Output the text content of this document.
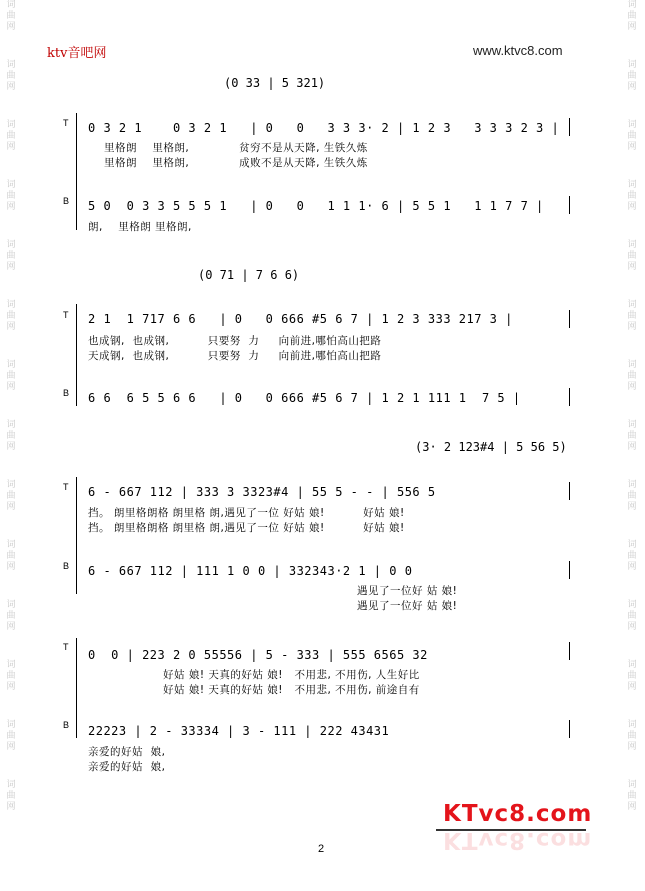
词
曲
网
词
曲
网
词
曲
网
词
曲
网
词
曲
网
词
曲
网
词
曲
网
词
曲
网
词
曲
网
词
曲
网
词
曲
网
词
曲
网
词
曲
网
词
曲
网
词
曲
网
词
曲
网
词
曲
网
词
曲
网
词
曲
网
词
曲
网
词
曲
网
词
曲
网
词
曲
网
词
曲
网
词
曲
网
词
曲
网
词
曲
网
词
曲
网
ktv音吧网	www.ktvc8.com
(0 33 | 5 321)
T 0 3 2 1    0 3 2 1   | 0   0   3 3 3· 2 | 1 2 3   3 3 3 2 3 |
里格朗    里格朗,             贫穷不是从天降, 生铁久炼
里格朗    里格朗,             成败不是从天降, 生铁久炼
B 5 0  0 3 3 5 5 5 1   | 0   0   1 1 1· 6 | 5 5 1   1 1 7 7 |
朗,    里格朗 里格朗,
(0 71 | 7 6 6)
T 2 1  1 717 6 6   | 0   0 666 #5 6 7 | 1 2 3 333 217 3 |
也成钢,  也成钢,          只要努  力     向前进,哪怕高山把路
天成钢,  也成钢,          只要努  力     向前进,哪怕高山把路
B 6 6  6 5 5 6 6   | 0   0 666 #5 6 7 | 1 2 1 111 1  7 5 |
(3· 2 123#4 | 5 56 5)
T 6 - 667 112 | 333 3 3323#4 | 55 5 - - | 556 5
挡。 朗里格朗格 朗里格 朗,遇见了一位 好姑 娘!          好姑 娘!
挡。 朗里格朗格 朗里格 朗,遇见了一位 好姑 娘!          好姑 娘!
B 6 - 667 112 | 111 1 0 0 | 332343·2 1 | 0 0
遇见了一位好 姑 娘!
遇见了一位好 姑 娘!
T
0  0 | 223 2 0 55556 | 5 - 333 | 555 6565 32
好姑 娘! 天真的好姑 娘!   不用悲, 不用伤, 人生好比
好姑 娘! 天真的好姑 娘!   不用悲, 不用伤, 前途自有
B 22223 | 2 - 33334 | 3 - 111 | 222 43431
亲爱的好姑  娘,
亲爱的好姑  娘,
KTvc8.com
KTvc8.com
2
